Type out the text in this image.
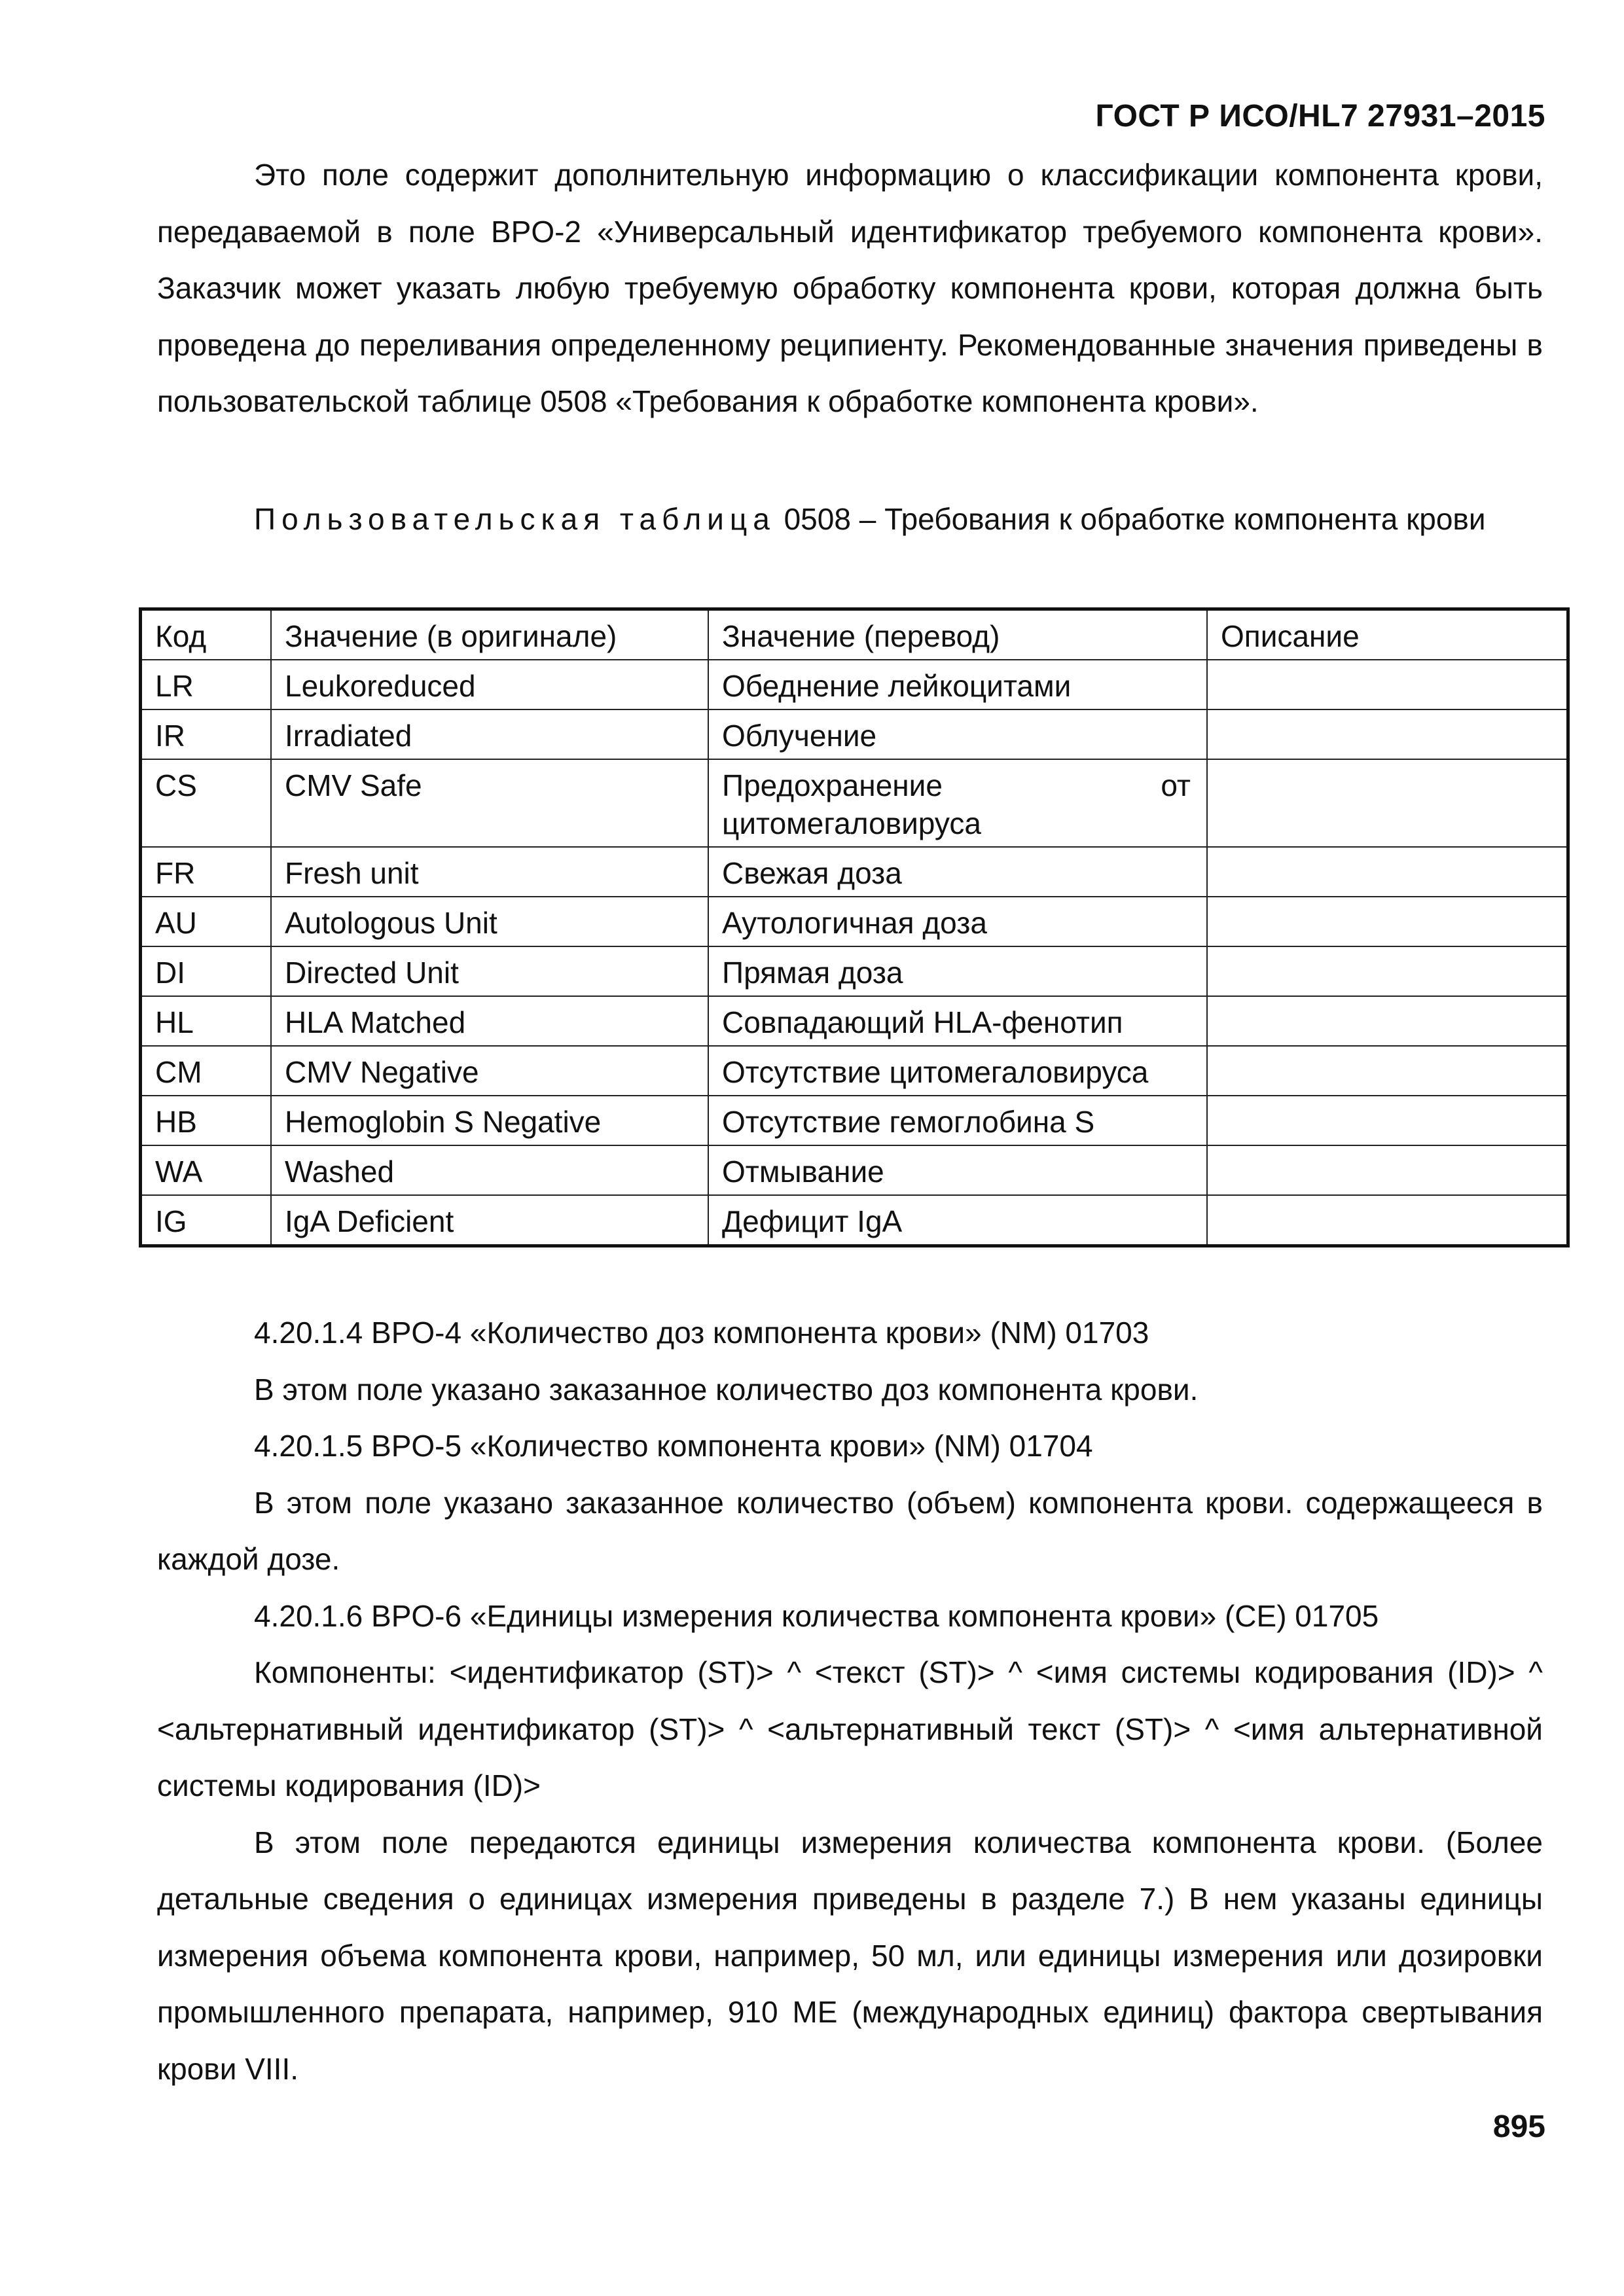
ГОСТ Р ИСО/HL7 27931–2015

Это поле содержит дополнительную информацию о классификации компонента крови, передаваемой в поле BPO-2 «Универсальный идентификатор требуемого компонента крови». Заказчик может указать любую требуемую обработку компонента крови, которая должна быть проведена до переливания определенному реципиенту. Рекомендованные значения приведены в пользовательской таблице 0508 «Требования к обработке компонента крови».

Пользовательская таблица 0508 – Требования к обработке компонента крови

Код	Значение (в оригинале)	Значение (перевод)	Описание
LR	Leukoreduced	Обеднение лейкоцитами	
IR	Irradiated	Облучение	
CS	CMV Safe	Предохранение от цитомегаловируса	
FR	Fresh unit	Свежая доза	
AU	Autologous Unit	Аутологичная доза	
DI	Directed Unit	Прямая доза	
HL	HLA Matched	Совпадающий HLA-фенотип	
CM	CMV Negative	Отсутствие цитомегаловируса	
HB	Hemoglobin S Negative	Отсутствие гемоглобина S	
WA	Washed	Отмывание	
IG	IgA Deficient	Дефицит IgA	

4.20.1.4 BPO-4 «Количество доз компонента крови» (NM) 01703

В этом поле указано заказанное количество доз компонента крови.

4.20.1.5 BPO-5 «Количество компонента крови» (NM) 01704

В этом поле указано заказанное количество (объем) компонента крови. содержащееся в каждой дозе.

4.20.1.6 BPO-6 «Единицы измерения количества компонента крови» (CE) 01705

Компоненты: <идентификатор (ST)> ^ <текст (ST)> ^ <имя системы кодирования (ID)> ^ <альтернативный идентификатор (ST)> ^ <альтернативный текст (ST)> ^ <имя альтернативной системы кодирования (ID)>

В этом поле передаются единицы измерения количества компонента крови. (Более детальные сведения о единицах измерения приведены в разделе 7.) В нем указаны единицы измерения объема компонента крови, например, 50 мл, или единицы измерения или дозировки промышленного препарата, например, 910 МЕ (международных единиц) фактора свертывания крови VIII.

895
